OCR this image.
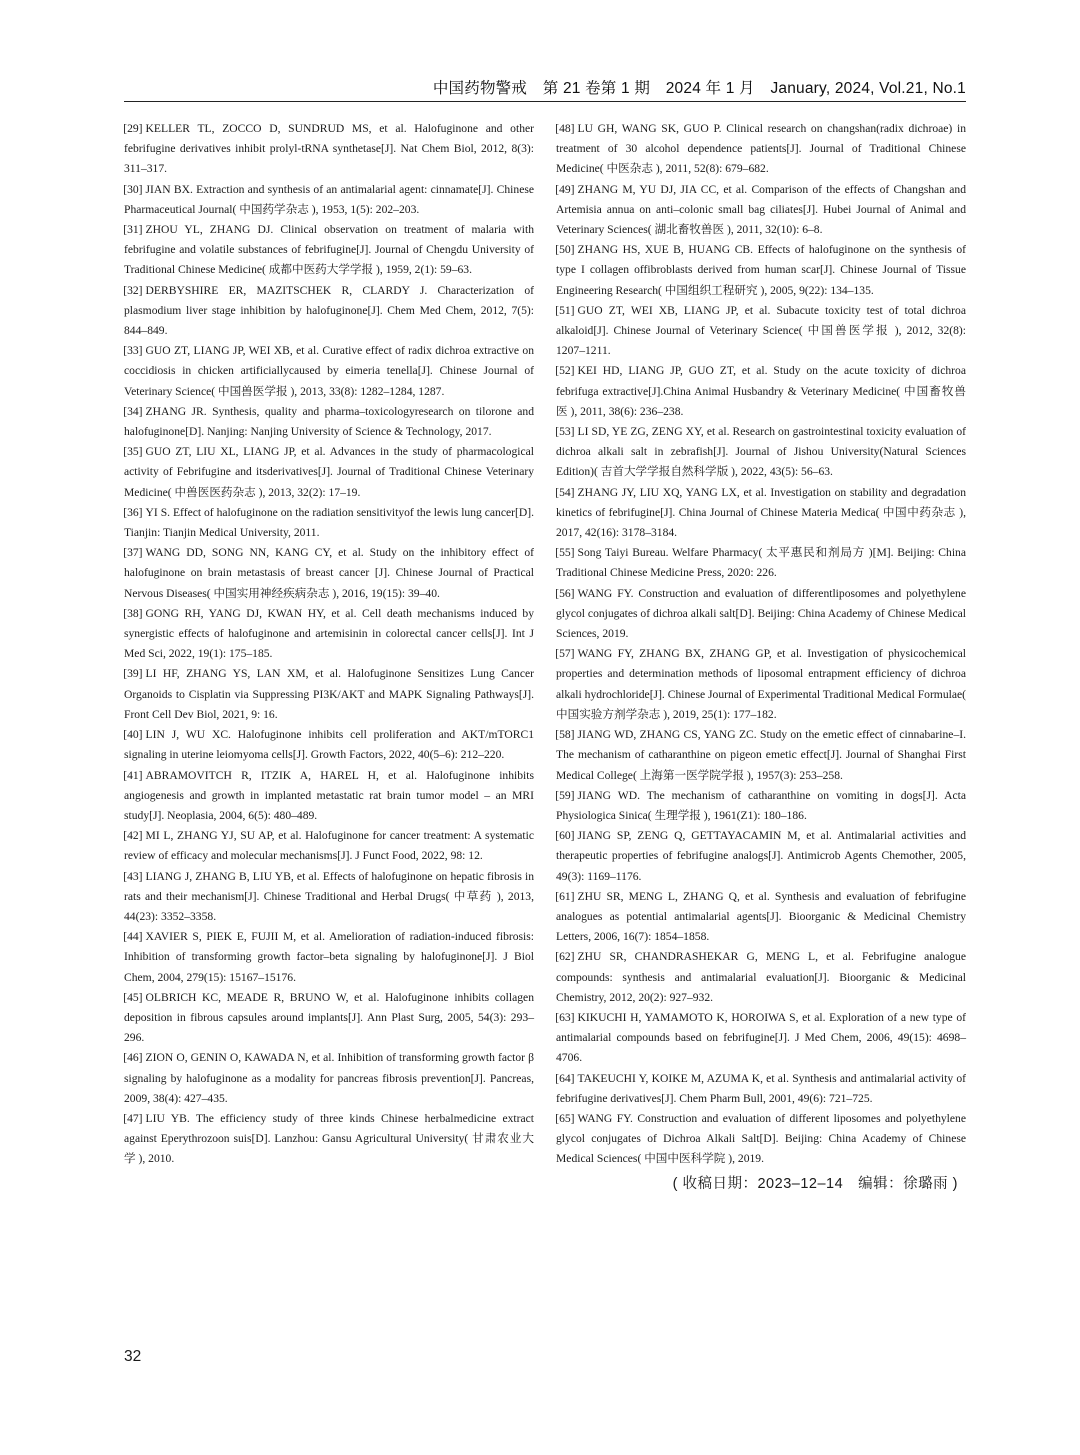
中国药物警戒　第 21 卷第 1 期　2024 年 1 月　January, 2024, Vol.21, No.1
[29] KELLER TL, ZOCCO D, SUNDRUD MS, et al. Halofuginone and other febrifugine derivatives inhibit prolyl-tRNA synthetase[J]. Nat Chem Biol, 2012, 8(3): 311–317.
[30] JIAN BX. Extraction and synthesis of an antimalarial agent: cinnamate[J]. Chinese Pharmaceutical Journal( 中国药学杂志 ), 1953, 1(5): 202–203.
[31] ZHOU YL, ZHANG DJ. Clinical observation on treatment of malaria with febrifugine and volatile substances of febrifugine[J]. Journal of Chengdu University of Traditional Chinese Medicine( 成都中医药大学学报 ), 1959, 2(1): 59–63.
[32] DERBYSHIRE ER, MAZITSCHEK R, CLARDY J. Characterization of plasmodium liver stage inhibition by halofuginone[J]. Chem Med Chem, 2012, 7(5): 844–849.
[33] GUO ZT, LIANG JP, WEI XB, et al. Curative effect of radix dichroa extractive on coccidiosis in chicken artificiallycaused by eimeria tenella[J]. Chinese Journal of Veterinary Science( 中国兽医学报 ), 2013, 33(8): 1282–1284, 1287.
[34] ZHANG JR. Synthesis, quality and pharma–toxicologyresearch on tilorone and halofuginone[D]. Nanjing: Nanjing University of Science & Technology, 2017.
[35] GUO ZT, LIU XL, LIANG JP, et al. Advances in the study of pharmacological activity of Febrifugine and itsderivatives[J]. Journal of Traditional Chinese Veterinary Medicine( 中兽医医药杂志 ), 2013, 32(2): 17–19.
[36] YI S. Effect of halofuginone on the radiation sensitivityof the lewis lung cancer[D]. Tianjin: Tianjin Medical University, 2011.
[37] WANG DD, SONG NN, KANG CY, et al. Study on the inhibitory effect of halofuginone on brain metastasis of breast cancer [J]. Chinese Journal of Practical Nervous Diseases( 中国实用神经疾病杂志 ), 2016, 19(15): 39–40.
[38] GONG RH, YANG DJ, KWAN HY, et al. Cell death mechanisms induced by synergistic effects of halofuginone and artemisinin in colorectal cancer cells[J]. Int J Med Sci, 2022, 19(1): 175–185.
[39] LI HF, ZHANG YS, LAN XM, et al. Halofuginone Sensitizes Lung Cancer Organoids to Cisplatin via Suppressing PI3K/AKT and MAPK Signaling Pathways[J]. Front Cell Dev Biol, 2021, 9: 16.
[40] LIN J, WU XC. Halofuginone inhibits cell proliferation and AKT/mTORC1 signaling in uterine leiomyoma cells[J]. Growth Factors, 2022, 40(5–6): 212–220.
[41] ABRAMOVITCH R, ITZIK A, HAREL H, et al. Halofuginone inhibits angiogenesis and growth in implanted metastatic rat brain tumor model – an MRI study[J]. Neoplasia, 2004, 6(5): 480–489.
[42] MI L, ZHANG YJ, SU AP, et al. Halofuginone for cancer treatment: A systematic review of efficacy and molecular mechanisms[J]. J Funct Food, 2022, 98: 12.
[43] LIANG J, ZHANG B, LIU YB, et al. Effects of halofuginone on hepatic fibrosis in rats and their mechanism[J]. Chinese Traditional and Herbal Drugs( 中草药 ), 2013, 44(23): 3352–3358.
[44] XAVIER S, PIEK E, FUJII M, et al. Amelioration of radiation-induced fibrosis: Inhibition of transforming growth factor–beta signaling by halofuginone[J]. J Biol Chem, 2004, 279(15): 15167–15176.
[45] OLBRICH KC, MEADE R, BRUNO W, et al. Halofuginone inhibits collagen deposition in fibrous capsules around implants[J]. Ann Plast Surg, 2005, 54(3): 293–296.
[46] ZION O, GENIN O, KAWADA N, et al. Inhibition of transforming growth factor β signaling by halofuginone as a modality for pancreas fibrosis prevention[J]. Pancreas, 2009, 38(4): 427–435.
[47] LIU YB. The efficiency study of three kinds Chinese herbalmedicine extract against Eperythrozoon suis[D]. Lanzhou: Gansu Agricultural University( 甘肃农业大学 ), 2010.
[48] LU GH, WANG SK, GUO P. Clinical research on changshan(radix dichroae) in treatment of 30 alcohol dependence patients[J]. Journal of Traditional Chinese Medicine( 中医杂志 ), 2011, 52(8): 679–682.
[49] ZHANG M, YU DJ, JIA CC, et al. Comparison of the effects of Changshan and Artemisia annua on anti–colonic small bag ciliates[J]. Hubei Journal of Animal and Veterinary Sciences( 湖北畜牧兽医 ), 2011, 32(10): 6–8.
[50] ZHANG HS, XUE B, HUANG CB. Effects of halofuginone on the synthesis of type I collagen offibroblasts derived from human scar[J]. Chinese Journal of Tissue Engineering Research( 中国组织工程研究 ), 2005, 9(22): 134–135.
[51] GUO ZT, WEI XB, LIANG JP, et al. Subacute toxicity test of total dichroa alkaloid[J]. Chinese Journal of Veterinary Science( 中国兽医学报 ), 2012, 32(8): 1207–1211.
[52] KEI HD, LIANG JP, GUO ZT, et al. Study on the acute toxicity of dichroa febrifuga extractive[J].China Animal Husbandry & Veterinary Medicine( 中国畜牧兽医 ), 2011, 38(6): 236–238.
[53] LI SD, YE ZG, ZENG XY, et al. Research on gastrointestinal toxicity evaluation of dichroa alkali salt in zebrafish[J]. Journal of Jishou University(Natural Sciences Edition)( 吉首大学学报自然科学版 ), 2022, 43(5): 56–63.
[54] ZHANG JY, LIU XQ, YANG LX, et al. Investigation on stability and degradation kinetics of febrifugine[J]. China Journal of Chinese Materia Medica( 中国中药杂志 ), 2017, 42(16): 3178–3184.
[55] Song Taiyi Bureau. Welfare Pharmacy( 太平惠民和剂局方 )[M]. Beijing: China Traditional Chinese Medicine Press, 2020: 226.
[56] WANG FY. Construction and evaluation of differentliposomes and polyethylene glycol conjugates of dichroa alkali salt[D]. Beijing: China Academy of Chinese Medical Sciences, 2019.
[57] WANG FY, ZHANG BX, ZHANG GP, et al. Investigation of physicochemical properties and determination methods of liposomal entrapment efficiency of dichroa alkali hydrochloride[J]. Chinese Journal of Experimental Traditional Medical Formulae( 中国实验方剂学杂志 ), 2019, 25(1): 177–182.
[58] JIANG WD, ZHANG CS, YANG ZC. Study on the emetic effect of cinnabarine–I. The mechanism of catharanthine on pigeon emetic effect[J]. Journal of Shanghai First Medical College( 上海第一医学院学报 ), 1957(3): 253–258.
[59] JIANG WD. The mechanism of catharanthine on vomiting in dogs[J]. Acta Physiologica Sinica( 生理学报 ), 1961(Z1): 180–186.
[60] JIANG SP, ZENG Q, GETTAYACAMIN M, et al. Antimalarial activities and therapeutic properties of febrifugine analogs[J]. Antimicrob Agents Chemother, 2005, 49(3): 1169–1176.
[61] ZHU SR, MENG L, ZHANG Q, et al. Synthesis and evaluation of febrifugine analogues as potential antimalarial agents[J]. Bioorganic & Medicinal Chemistry Letters, 2006, 16(7): 1854–1858.
[62] ZHU SR, CHANDRASHEKAR G, MENG L, et al. Febrifugine analogue compounds: synthesis and antimalarial evaluation[J]. Bioorganic & Medicinal Chemistry, 2012, 20(2): 927–932.
[63] KIKUCHI H, YAMAMOTO K, HOROIWA S, et al. Exploration of a new type of antimalarial compounds based on febrifugine[J]. J Med Chem, 2006, 49(15): 4698–4706.
[64] TAKEUCHI Y, KOIKE M, AZUMA K, et al. Synthesis and antimalarial activity of febrifugine derivatives[J]. Chem Pharm Bull, 2001, 49(6): 721–725.
[65] WANG FY. Construction and evaluation of different liposomes and polyethylene glycol conjugates of Dichroa Alkali Salt[D]. Beijing: China Academy of Chinese Medical Sciences( 中国中医科学院 ), 2019.
( 收稿日期：2023–12–14　编辑：徐璐雨 )
32
